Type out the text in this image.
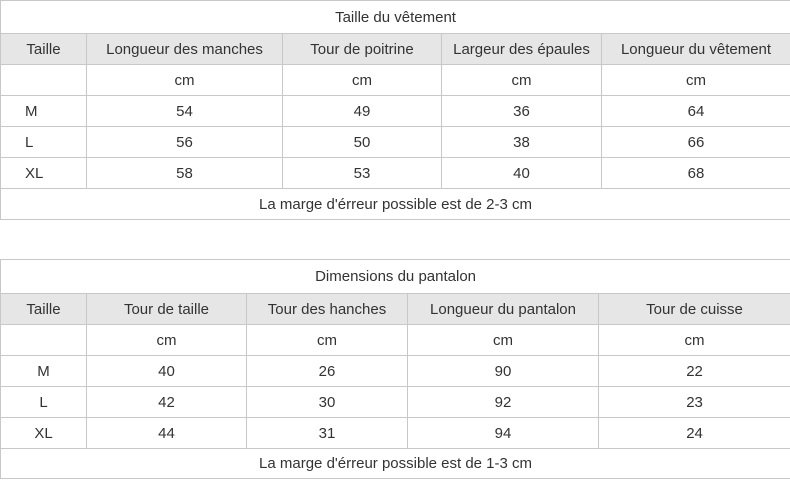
Taille du vêtement				
Taille	Longueur des manches	Tour de poitrine	Largeur des épaules	Longueur du vêtement
	cm	cm	cm	cm
M	54	49	36	64
L	56	50	38	66
XL	58	53	40	68
La marge d'érreur possible est de 2-3 cm				
Dimensions du pantalon				
Taille	Tour de taille	Tour des hanches	Longueur du pantalon	Tour de cuisse
	cm	cm	cm	cm
M	40	26	90	22
L	42	30	92	23
XL	44	31	94	24
La marge d'érreur possible est de 1-3 cm				
